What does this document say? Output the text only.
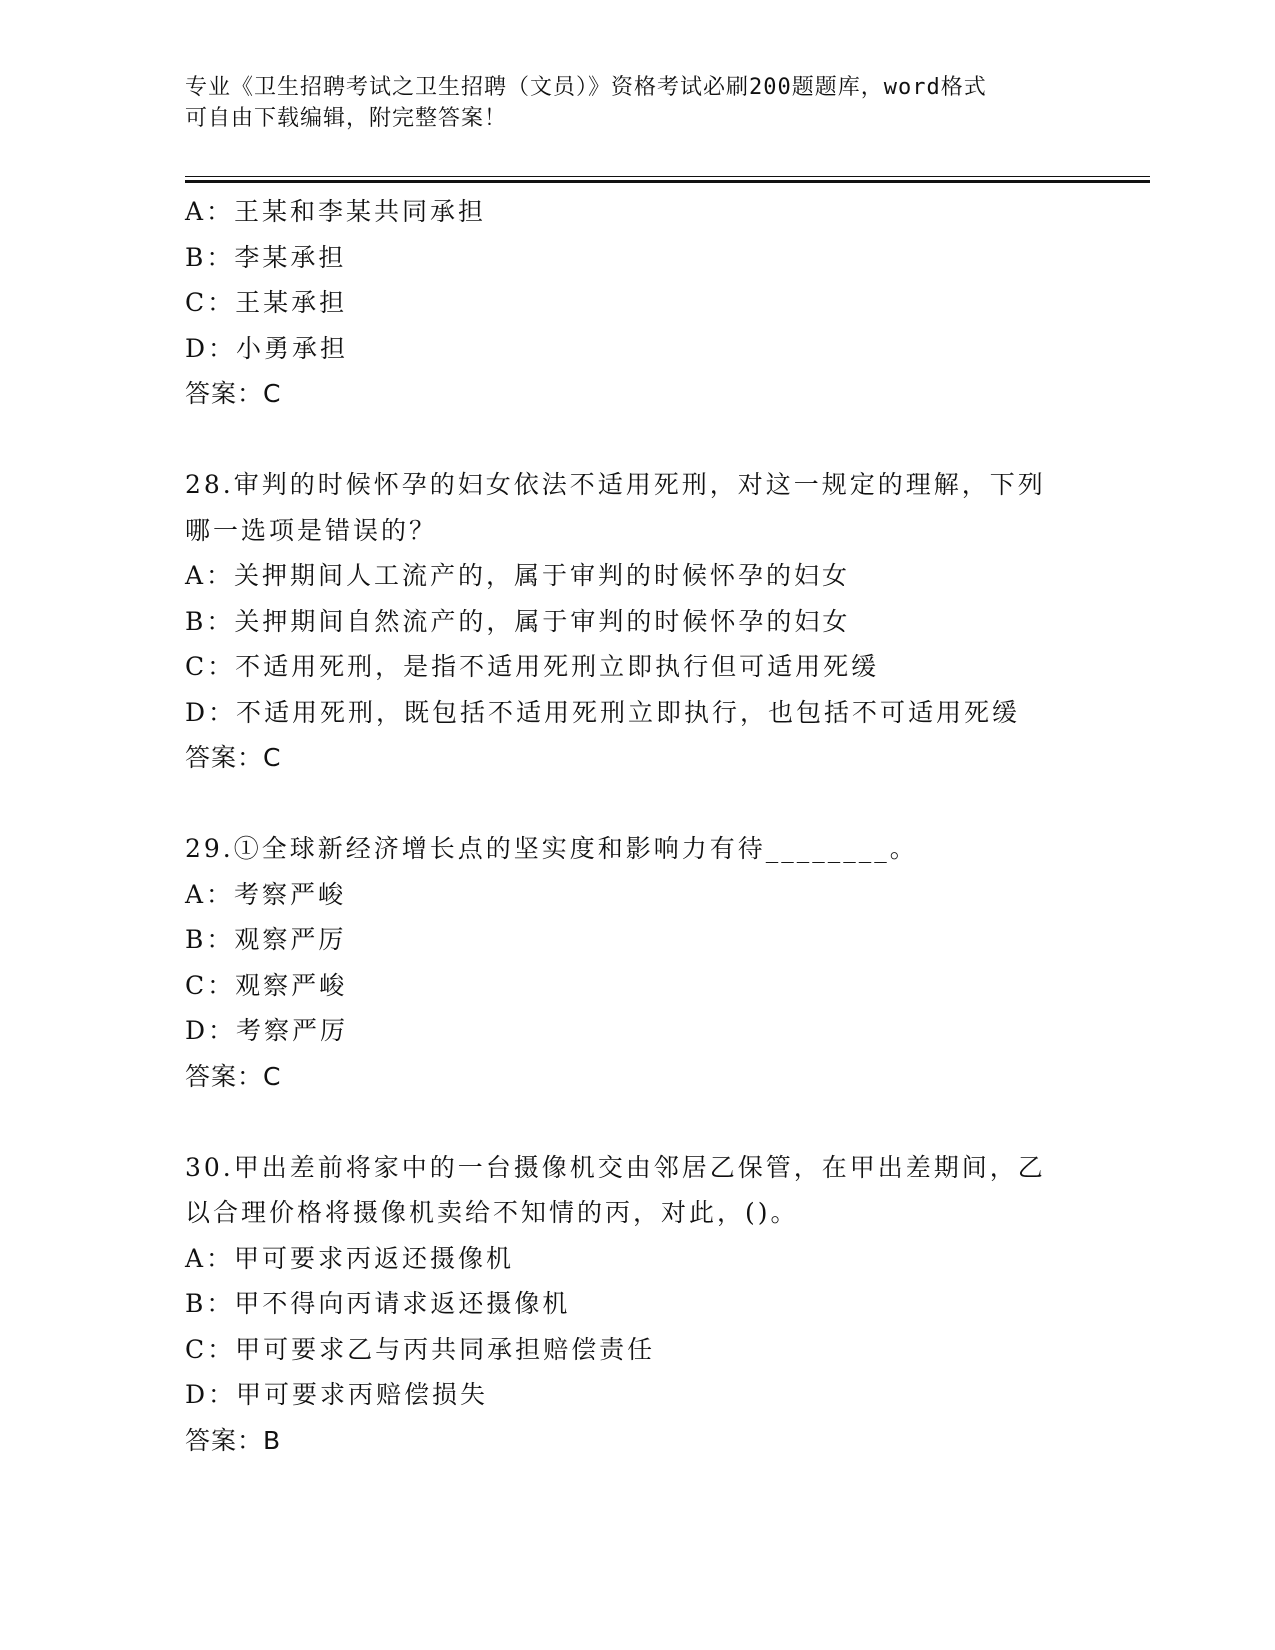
专业《卫生招聘考试之卫生招聘（文员）》资格考试必刷200题题库，word格式
可自由下载编辑，附完整答案！
A：王某和李某共同承担
B：李某承担
C：王某承担
D：小勇承担
答案：C
28.审判的时候怀孕的妇女依法不适用死刑，对这一规定的理解，下列
哪一选项是错误的？
A：关押期间人工流产的，属于审判的时候怀孕的妇女
B：关押期间自然流产的，属于审判的时候怀孕的妇女
C：不适用死刑，是指不适用死刑立即执行但可适用死缓
D：不适用死刑，既包括不适用死刑立即执行，也包括不可适用死缓
答案：C
29.①全球新经济增长点的坚实度和影响力有待________。
A：考察严峻
B：观察严厉
C：观察严峻
D：考察严厉
答案：C
30.甲出差前将家中的一台摄像机交由邻居乙保管，在甲出差期间，乙
以合理价格将摄像机卖给不知情的丙，对此，()。
A：甲可要求丙返还摄像机
B：甲不得向丙请求返还摄像机
C：甲可要求乙与丙共同承担赔偿责任
D：甲可要求丙赔偿损失
答案：B
